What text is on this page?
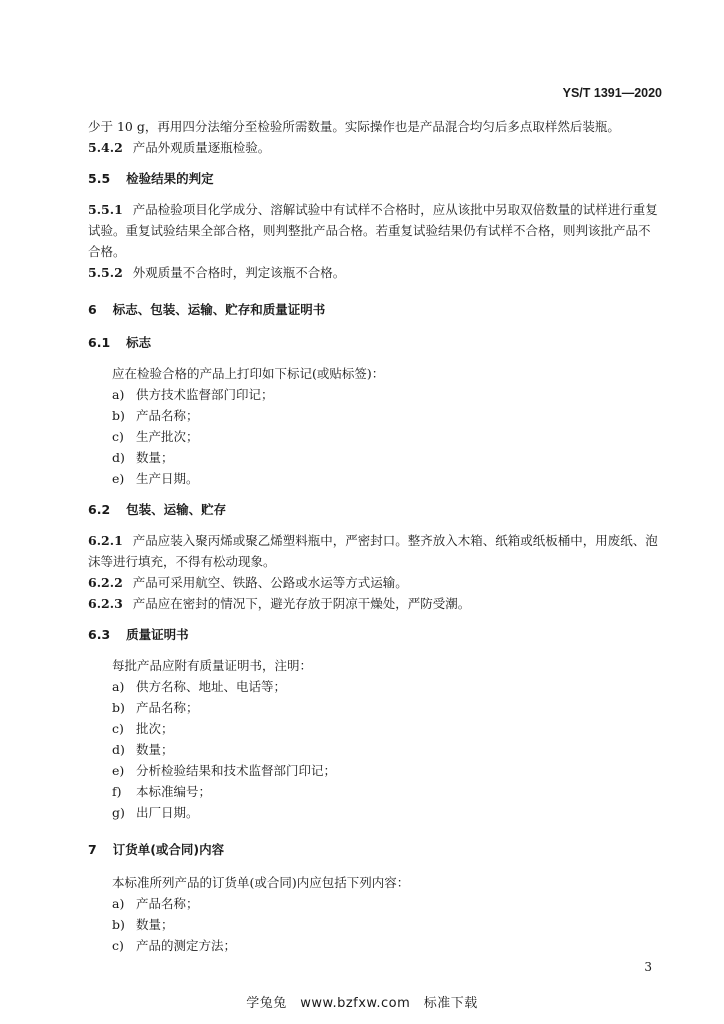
YS/T 1391—2020
少于 10 g，再用四分法缩分至检验所需数量。实际操作也是产品混合均匀后多点取样然后装瓶。
5.4.2 产品外观质量逐瓶检验。
5.5 检验结果的判定
5.5.1 产品检验项目化学成分、溶解试验中有试样不合格时，应从该批中另取双倍数量的试样进行重复试验。重复试验结果全部合格，则判整批产品合格。若重复试验结果仍有试样不合格，则判该批产品不合格。
5.5.2 外观质量不合格时，判定该瓶不合格。
6 标志、包装、运输、贮存和质量证明书
6.1 标志
应在检验合格的产品上打印如下标记(或贴标签)：
a) 供方技术监督部门印记；
b) 产品名称；
c) 生产批次；
d) 数量；
e) 生产日期。
6.2 包装、运输、贮存
6.2.1 产品应装入聚丙烯或聚乙烯塑料瓶中，严密封口。整齐放入木箱、纸箱或纸板桶中，用废纸、泡沫等进行填充，不得有松动现象。
6.2.2 产品可采用航空、铁路、公路或水运等方式运输。
6.2.3 产品应在密封的情况下，避光存放于阴凉干燥处，严防受潮。
6.3 质量证明书
每批产品应附有质量证明书，注明：
a) 供方名称、地址、电话等；
b) 产品名称；
c) 批次；
d) 数量；
e) 分析检验结果和技术监督部门印记；
f) 本标准编号；
g) 出厂日期。
7 订货单(或合同)内容
本标准所列产品的订货单(或合同)内应包括下列内容：
a) 产品名称；
b) 数量；
c) 产品的测定方法；
3
学兔兔　www.bzfxw.com　标准下载
